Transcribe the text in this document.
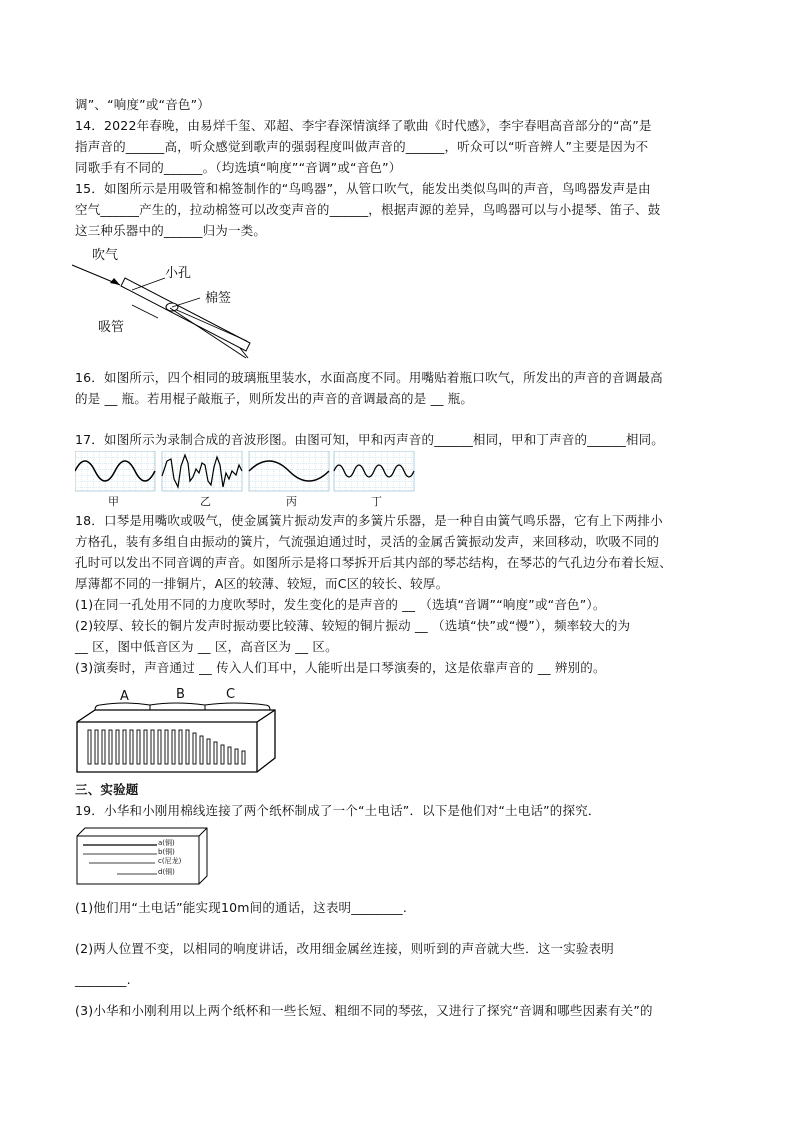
调”、“响度”或“音色”）
14．2022年春晚，由易烊千玺、邓超、李宇春深情演绎了歌曲《时代感》，李宇春唱高音部分的“高”是
指声音的______高，听众感觉到歌声的强弱程度叫做声音的______，听众可以“听音辨人”主要是因为不
同歌手有不同的______。（均选填“响度”“音调”或“音色”）
15．如图所示是用吸管和棉签制作的“鸟鸣器”，从管口吹气，能发出类似鸟叫的声音，鸟鸣器发声是由
空气______产生的，拉动棉签可以改变声音的______，根据声源的差异，鸟鸣器可以与小提琴、笛子、鼓
这三种乐器中的______归为一类。
吹气
小孔
棉签
吸管
16．如图所示，四个相同的玻璃瓶里装水，水面高度不同。用嘴贴着瓶口吹气，所发出的声音的音调最高
的是 __ 瓶。若用棍子敲瓶子，则所发出的声音的音调最高的是 __ 瓶。
17．如图所示为录制合成的音波形图。由图可知，甲和丙声音的______相同，甲和丁声音的______相同。
甲	乙	丙	丁
18．口琴是用嘴吹或吸气，使金属簧片振动发声的多簧片乐器，是一种自由簧气鸣乐器，它有上下两排小
方格孔，装有多组自由振动的簧片，气流强迫通过时，灵活的金属舌簧振动发声，来回移动，吹吸不同的
孔时可以发出不同音调的声音。如图所示是将口琴拆开后其内部的琴芯结构，在琴芯的气孔边分布着长短、
厚薄都不同的一排铜片，A区的较薄、较短，而C区的较长、较厚。
(1)在同一孔处用不同的力度吹琴时，发生变化的是声音的 __ （选填“音调”“响度”或“音色”）。
(2)较厚、较长的铜片发声时振动要比较薄、较短的铜片振动 __ （选填“快”或“慢”），频率较大的为
__ 区，图中低音区为 __ 区，高音区为 __ 区。
(3)演奏时，声音通过 __ 传入人们耳中，人能听出是口琴演奏的，这是依靠声音的 __ 辨别的。
A	B	C
三、实验题
19．小华和小刚用棉线连接了两个纸杯制成了一个“土电话”．以下是他们对“土电话”的探究．
a(铜)
b(铜)
c(尼龙)
d(铜)
(1)他们用“土电话”能实现10m间的通话，这表明________.
(2)两人位置不变，以相同的响度讲话，改用细金属丝连接，则听到的声音就大些．这一实验表明
________.
(3)小华和小刚利用以上两个纸杯和一些长短、粗细不同的琴弦，又进行了探究“音调和哪些因素有关”的
